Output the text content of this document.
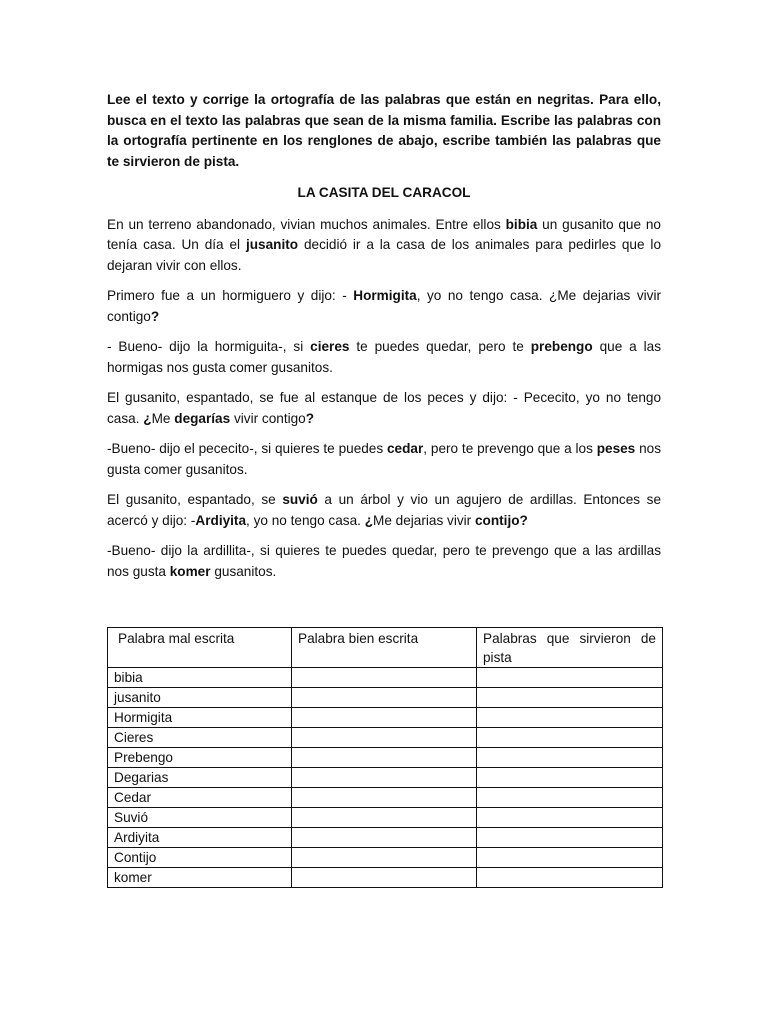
Lee el texto y corrige la ortografía de las palabras que están en negritas. Para ello, busca en el texto las palabras que sean de la misma familia. Escribe las palabras con la ortografía pertinente en los renglones de abajo, escribe también las palabras que te sirvieron de pista.

LA CASITA DEL CARACOL

En un terreno abandonado, vivian muchos animales. Entre ellos bibia un gusanito que no tenía casa. Un día el jusanito decidió ir a la casa de los animales para pedirles que lo dejaran vivir con ellos.

Primero fue a un hormiguero y dijo: - Hormigita, yo no tengo casa. ¿Me dejarias vivir contigo?

- Bueno- dijo la hormiguita-, si cieres te puedes quedar, pero te prebengo que a las hormigas nos gusta comer gusanitos.

El gusanito, espantado, se fue al estanque de los peces y dijo: - Pececito, yo no tengo casa. ¿Me degarías vivir contigo?

-Bueno- dijo el pececito-, si quieres te puedes cedar, pero te prevengo que a los peses nos gusta comer gusanitos.

El gusanito, espantado, se suvió a un árbol y vio un agujero de ardillas. Entonces se acercó y dijo: -Ardiyita, yo no tengo casa. ¿Me dejarias vivir contijo?

-Bueno- dijo la ardillita-, si quieres te puedes quedar, pero te prevengo que a las ardillas nos gusta komer gusanitos.

Palabra mal escrita	Palabra bien escrita	Palabras que sirvieron de
pista

bibia		
jusanito		
Hormigita		
Cieres		
Prebengo		
Degarias		
Cedar		
Suvió		
Ardiyita		
Contijo		
komer		
